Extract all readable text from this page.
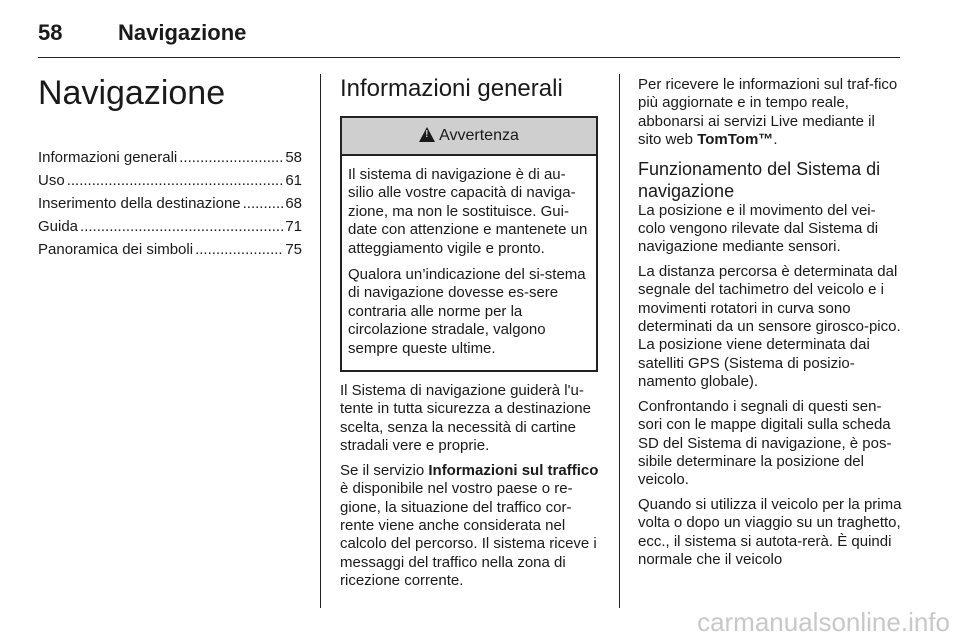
58	Navigazione
Navigazione
Informazioni generali .....	58
Uso .....	61
Inserimento della destinazione .....	68
Guida .....	71
Panoramica dei simboli .....	75
Informazioni generali
!
Avvertenza

Il sistema di navigazione è di au-silio alle vostre capacità di naviga-zione, ma non le sostituisce. Gui-date con attenzione e mantenete un atteggiamento vigile e pronto.

Qualora un’indicazione del si-stema di navigazione dovesse es-sere contraria alle norme per la circolazione stradale, valgono sempre queste ultime.

Il Sistema di navigazione guiderà l'u-tente in tutta sicurezza a destinazione scelta, senza la necessità di cartine stradali vere e proprie.

Se il servizio Informazioni sul traffico è disponibile nel vostro paese o re-gione, la situazione del traffico cor-rente viene anche considerata nel calcolo del percorso. Il sistema riceve i messaggi del traffico nella zona di ricezione corrente.

Per ricevere le informazioni sul traf-fico più aggiornate e in tempo reale, abbonarsi ai servizi Live mediante il sito web TomTom™.

Funzionamento del Sistema di navigazione

La posizione e il movimento del vei-colo vengono rilevate dal Sistema di navigazione mediante sensori.

La distanza percorsa è determinata dal segnale del tachimetro del veicolo e i movimenti rotatori in curva sono determinati da un sensore girosco-pico. La posizione viene determinata dai satelliti GPS (Sistema di posizio-namento globale).

Confrontando i segnali di questi sen-sori con le mappe digitali sulla scheda SD del Sistema di navigazione, è pos-sibile determinare la posizione del veicolo.

Quando si utilizza il veicolo per la prima volta o dopo un viaggio su un traghetto, ecc., il sistema si autota-rerà. È quindi normale che il veicolo

carmanualsonline.info
